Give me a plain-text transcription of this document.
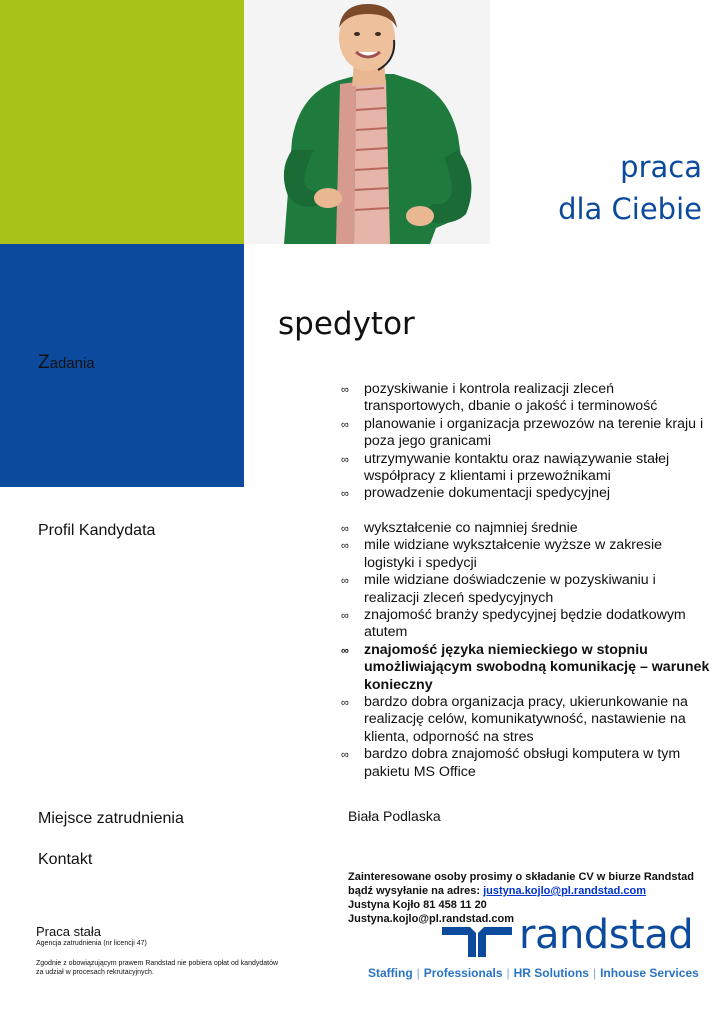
praca
dla Ciebie
spedytor
Zadania
∞ pozyskiwanie i kontrola realizacji zleceń transportowych, dbanie o jakość i terminowość
∞ planowanie i organizacja przewozów na terenie kraju i poza jego granicami
∞ utrzymywanie kontaktu oraz nawiązywanie stałej współpracy z klientami i przewoźnikami
∞ prowadzenie dokumentacji spedycyjnej
Profil Kandydata	∞ wykształcenie co najmniej średnie
∞ mile widziane wykształcenie wyższe w zakresie logistyki i spedycji
∞ mile widziane doświadczenie w pozyskiwaniu i realizacji zleceń spedycyjnych
∞ znajomość branży spedycyjnej będzie dodatkowym atutem
∞ znajomość języka niemieckiego w stopniu umożliwiającym swobodną komunikację – warunek konieczny
∞ bardzo dobra organizacja pracy, ukierunkowanie na realizację celów, komunikatywność, nastawienie na klienta, odporność na stres
∞ bardzo dobra znajomość obsługi komputera w tym pakietu MS Office
Miejsce zatrudnienia	Biała Podlaska
Kontakt
Zainteresowane osoby prosimy o składanie CV w biurze Randstad
bądź wysyłanie na adres: justyna.kojlo@pl.randstad.com
Justyna Kojło 81 458 11 20
Justyna.kojlo@pl.randstad.com
Praca stała
Agencja zatrudnienia (nr licencji 47)
Zgodnie z obowiązującym prawem Randstad nie pobiera opłat od kandydatów za udział w procesach rekrutacyjnych.
randstad
Staffing | Professionals | HR Solutions | Inhouse Services
